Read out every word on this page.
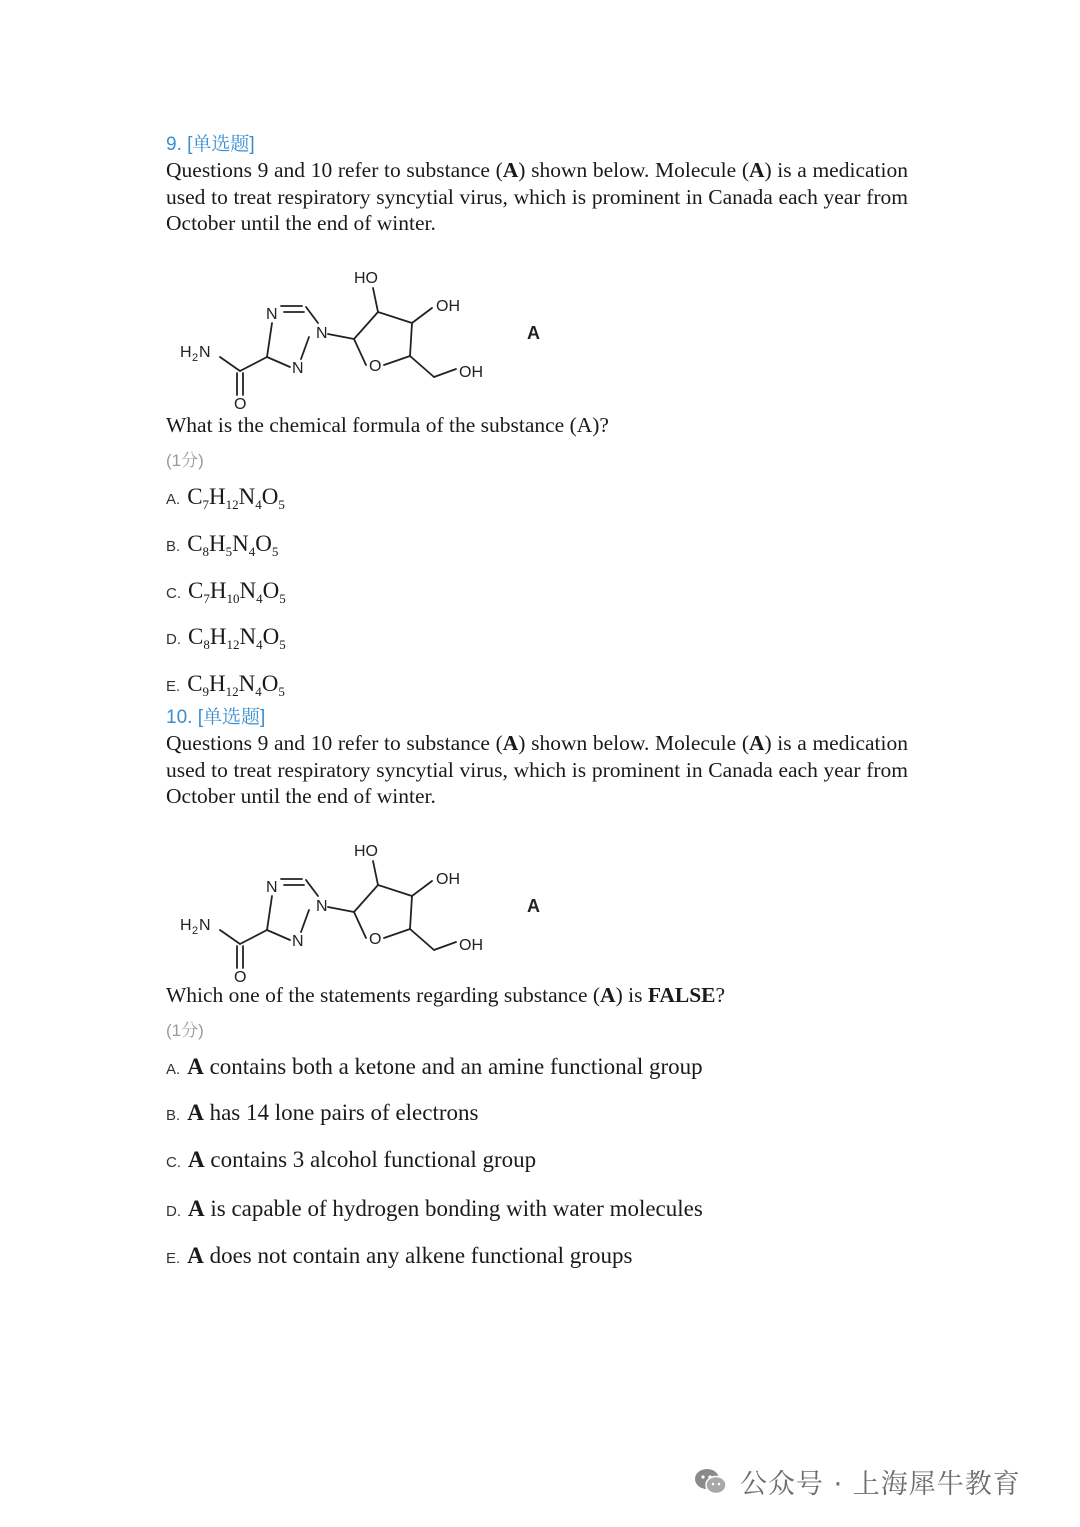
9. [单选题]

Questions 9 and 10 refer to substance (A) shown below. Molecule (A) is a medication used to treat respiratory syncytial virus, which is prominent in Canada each year from October until the end of winter.

HO
OH
OH
N
N
N
H 2 N
O
O
A
What is the chemical formula of the substance (A)?
(1分)
A. $C_7H_{12}N_4O_5$
B. $C_8H_5N_4O_5$
C. $C_7H_{10}N_4O_5$
D. $C_8H_{12}N_4O_5$
E. $C_9H_{12}N_4O_5$
10. [单选题]

Questions 9 and 10 refer to substance (A) shown below. Molecule (A) is a medication used to treat respiratory syncytial virus, which is prominent in Canada each year from October until the end of winter.

HO
OH
OH
N
N
N
H 2 N
O
O
A
Which one of the statements regarding substance (A) is FALSE?
(1分)
A. A contains both a ketone and an amine functional group
B. A has 14 lone pairs of electrons
C. A contains 3 alcohol functional group
D. A is capable of hydrogen bonding with water molecules
E. A does not contain any alkene functional groups
公众号 · 上海犀牛教育
